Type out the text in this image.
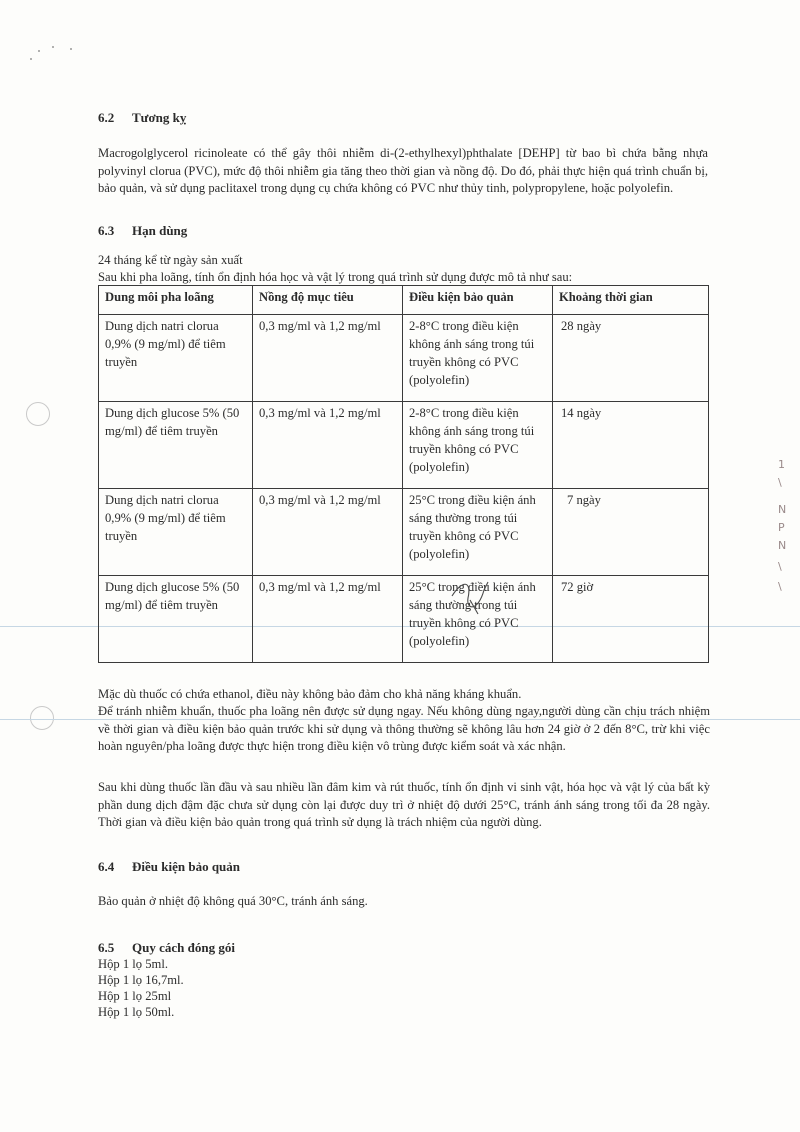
1
\
N
P
N
\
\
6.2 Tương kỵ
Macrogolglycerol ricinoleate có thể gây thôi nhiễm di-(2-ethylhexyl)phthalate [DEHP] từ bao bì chứa bằng nhựa polyvinyl clorua (PVC), mức độ thôi nhiễm gia tăng theo thời gian và nồng độ. Do đó, phải thực hiện quá trình chuẩn bị, bảo quản, và sử dụng paclitaxel trong dụng cụ chứa không có PVC như thủy tinh, polypropylene, hoặc polyolefin.
6.3 Hạn dùng
24 tháng kể từ ngày sản xuất
Sau khi pha loãng, tính ổn định hóa học và vật lý trong quá trình sử dụng được mô tả như sau:
Dung môi pha loãng	Nồng độ mục tiêu	Điều kiện bảo quản	Khoảng thời gian
Dung dịch natri clorua 0,9% (9 mg/ml) để tiêm truyền	0,3 mg/ml và 1,2 mg/ml	2-8°C trong điều kiện không ánh sáng trong túi truyền không có PVC (polyolefin)	28 ngày
Dung dịch glucose 5% (50 mg/ml) để tiêm truyền	0,3 mg/ml và 1,2 mg/ml	2-8°C trong điều kiện không ánh sáng trong túi truyền không có PVC (polyolefin)	14 ngày
Dung dịch natri clorua 0,9% (9 mg/ml) để tiêm truyền	0,3 mg/ml và 1,2 mg/ml	25°C trong điều kiện ánh sáng thường trong túi truyền không có PVC (polyolefin)	7 ngày
Dung dịch glucose 5% (50 mg/ml) để tiêm truyền	0,3 mg/ml và 1,2 mg/ml	25°C trong điều kiện ánh sáng thường trong túi truyền không có PVC (polyolefin)	72 giờ
Mặc dù thuốc có chứa ethanol, điều này không bảo đảm cho khả năng kháng khuẩn.
Để tránh nhiễm khuẩn, thuốc pha loãng nên được sử dụng ngay. Nếu không dùng ngay,người dùng cần chịu trách nhiệm về thời gian và điều kiện bảo quản trước khi sử dụng và thông thường sẽ không lâu hơn 24 giờ ở 2 đến 8°C, trừ khi việc hoàn nguyên/pha loãng được thực hiện trong điều kiện vô trùng được kiểm soát và xác nhận.
Sau khi dùng thuốc lần đầu và sau nhiều lần đâm kim và rút thuốc, tính ổn định vi sinh vật, hóa học và vật lý của bất kỳ phần dung dịch đậm đặc chưa sử dụng còn lại được duy trì ở nhiệt độ dưới 25°C, tránh ánh sáng trong tối đa 28 ngày. Thời gian và điều kiện bảo quản trong quá trình sử dụng là trách nhiệm của người dùng.
6.4 Điều kiện bảo quản
Bảo quản ở nhiệt độ không quá 30°C, tránh ánh sáng.
6.5 Quy cách đóng gói
Hộp 1 lọ 5ml.
Hộp 1 lọ 16,7ml.
Hộp 1 lọ 25ml
Hộp 1 lọ 50ml.
